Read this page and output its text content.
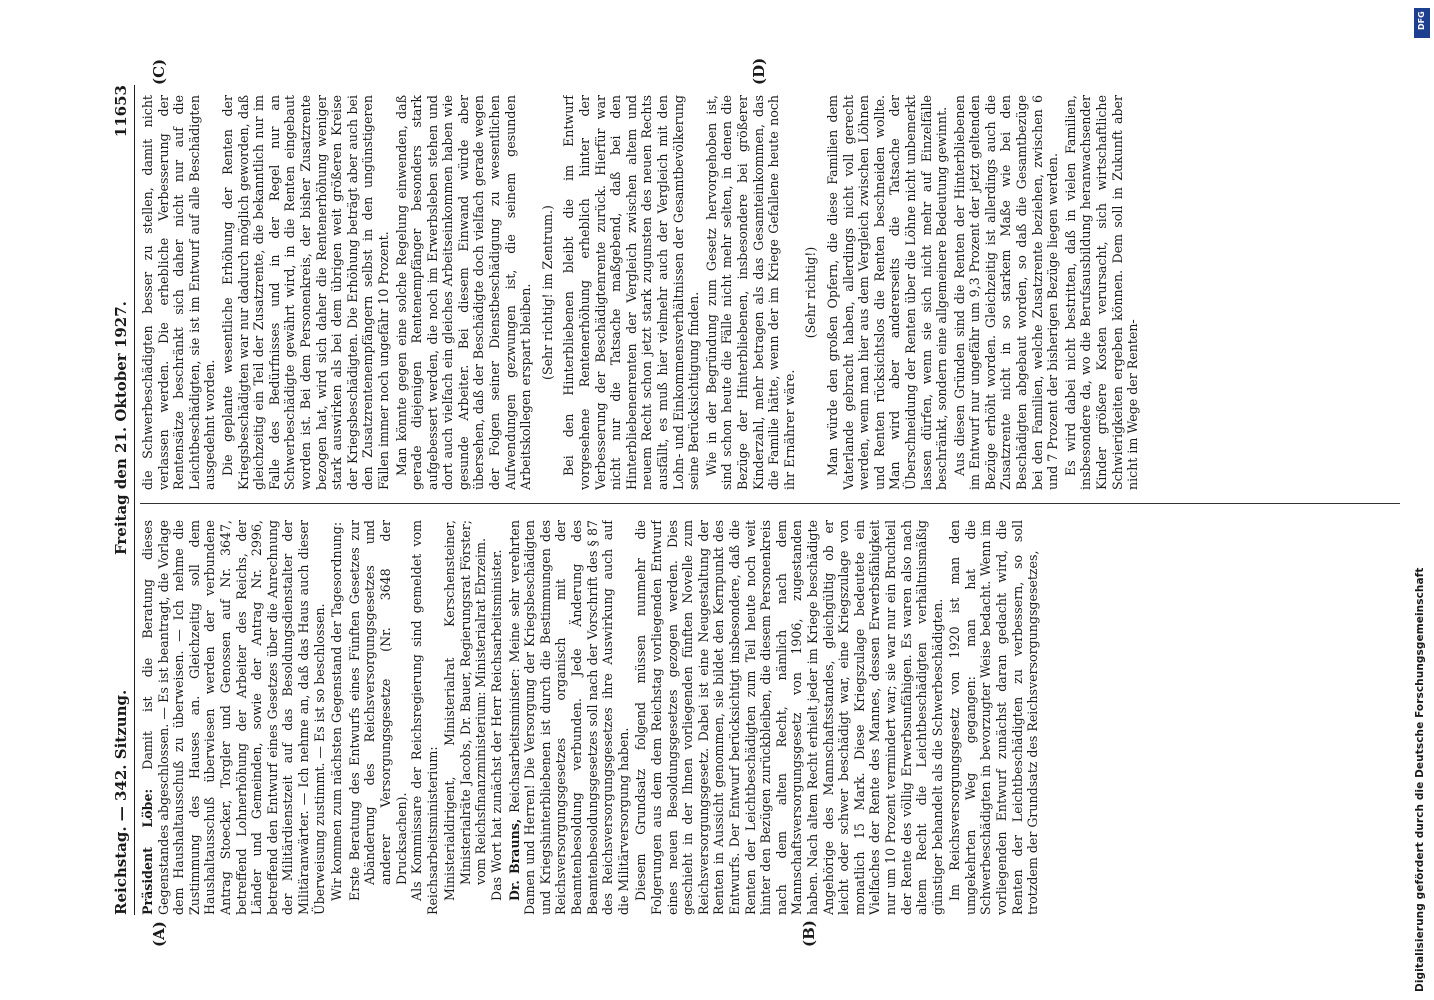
Reichstag. — 342. Sitzung.
Freitag den 21. Oktober 1927.
11653

Präsident Löbe: Damit ist die Beratung dieses Gegenstandes abgeschlossen. — Es ist beantragt, die Vorlage dem Haushaltausschuß zu überweisen. — Ich nehme die Zustimmung des Hauses an. Gleichzeitig soll dem Haushaltausschuß überwiesen werden der verbundene Antrag Stoecker, Torgler und Genossen auf Nr. 3647, betreffend Lohnerhöhung der Arbeiter des Reichs, der Länder und Gemeinden, sowie der Antrag Nr. 2996, betreffend den Entwurf eines Gesetzes über die Anrechnung der Militärdienstzeit auf das Besoldungsdienstalter der Militäranwärter. — Ich nehme an, daß das Haus auch dieser Überweisung zustimmt. — Es ist so beschlossen. Wir kommen zum nächsten Gegenstand der Tagesordnung: Erste Beratung des Entwurfs eines Fünften Gesetzes zur Abänderung des Reichsversorgungsgesetzes und anderer Versorgungsgesetze (Nr. 3648 der Drucksachen). Als Kommissare der Reichsregierung sind gemeldet vom Reichsarbeitsministerium: Ministerialdirigent, Ministerialrat Kerschensteiner, Ministerialräte Jacobs, Dr. Bauer, Regierungsrat Förster; vom Reichsfinanzministerium: Ministerialrat Ebrzeim. Das Wort hat zunächst der Herr Reichsarbeitsminister. Dr. Brauns, Reichsarbeitsminister: Meine sehr verehrten Damen und Herren! Die Versorgung der Kriegsbeschädigten und Kriegshinterbliebenen ist durch die Bestimmungen des Reichsversorgungsgesetzes organisch mit der Beamtenbesoldung verbunden. Jede Änderung des Beamtenbesoldungsgesetzes soll nach der Vorschrift des § 87 des Reichsversorgungsgesetzes ihre Auswirkung auch auf die Militärversorgung haben. Diesem Grundsatz folgend müssen nunmehr die Folgerungen aus dem dem Reichstag vorliegenden Entwurf eines neuen Besoldungsgesetzes gezogen werden. Dies geschieht in der Ihnen vorliegenden fünften Novelle zum Reichsversorgungsgesetz. Dabei ist eine Neugestaltung der Renten in Aussicht genommen, sie bildet den Kernpunkt des Entwurfs. Der Entwurf berücksichtigt insbesondere, daß die Renten der Leichtbeschädigten zum Teil heute noch weit hinter den Bezügen zurückbleiben, die diesem Personenkreis nach dem alten Recht, nämlich nach dem Mannschaftsversorgungsgesetz von 1906, zugestanden haben. Nach altem Recht erhielt jeder im Kriege beschädigte Angehörige des Mannschaftsstandes, gleichgültig ob er leicht oder schwer beschädigt war, eine Kriegszulage von monatlich 15 Mark. Diese Kriegszulage bedeutete ein Vielfaches der Rente des Mannes, dessen Erwerbsfähigkeit nur um 10 Prozent vermindert war; sie war nur ein Bruchteil der Rente des völlig Erwerbsunfähigen. Es waren also nach altem Recht die Leichtbeschädigten verhältnismäßig günstiger behandelt als die Schwerbeschädigten. Im Reichsversorgungsgesetz von 1920 ist man den umgekehrten Weg gegangen: man hat die Schwerbeschädigten in bevorzugter Weise bedacht. Wenn im vorliegenden Entwurf zunächst daran gedacht wird, die Renten der Leichtbeschädigten zu verbessern, so soll trotzdem der Grundsatz des Reichsversorgungsgesetzes,

die Schwerbeschädigten besser zu stellen, damit nicht verlassen werden. Die erhebliche Verbesserung der Rentensätze beschränkt sich daher nicht nur auf die Leichtbeschädigten, sie ist im Entwurf auf alle Beschädigten ausgedehnt worden. Die geplante wesentliche Erhöhung der Renten der Kriegsbeschädigten war nur dadurch möglich geworden, daß gleichzeitig ein Teil der Zusatzrente, die bekanntlich nur im Falle des Bedürfnisses und in der Regel nur an Schwerbeschädigte gewährt wird, in die Renten eingebaut worden ist. Bei dem Personenkreis, der bisher Zusatzrente bezogen hat, wird sich daher die Rentenerhöhung weniger stark auswirken als bei dem übrigen weit größeren Kreise der Kriegsbeschädigten. Die Erhöhung beträgt aber auch bei den Zusatzrentenempfängern selbst in den ungünstigeren Fällen immer noch ungefähr 10 Prozent. Man könnte gegen eine solche Regelung einwenden, daß gerade diejenigen Rentenempfänger besonders stark aufgebessert werden, die noch im Erwerbsleben stehen und dort auch vielfach ein gleiches Arbeitseinkommen haben wie gesunde Arbeiter. Bei diesem Einwand würde aber übersehen, daß der Beschädigte doch vielfach gerade wegen der Folgen seiner Dienstbeschädigung zu wesentlichen Aufwendungen gezwungen ist, die seinem gesunden Arbeitskollegen erspart bleiben. (Sehr richtig! im Zentrum.) Bei den Hinterbliebenen bleibt die im Entwurf vorgesehene Rentenerhöhung erheblich hinter der Verbesserung der Beschädigtenrente zurück. Hierfür war nicht nur die Tatsache maßgebend, daß bei den Hinterbliebenenrenten der Vergleich zwischen altem und neuem Recht schon jetzt stark zugunsten des neuen Rechts ausfällt, es muß hier vielmehr auch der Vergleich mit den Lohn- und Einkommensverhältnissen der Gesamtbevölkerung seine Berücksichtigung finden. Wie in der Begründung zum Gesetz hervorgehoben ist, sind schon heute die Fälle nicht mehr selten, in denen die Bezüge der Hinterbliebenen, insbesondere bei größerer Kinderzahl, mehr betragen als das Gesamteinkommen, das die Familie hätte, wenn der im Kriege Gefallene heute noch ihr Ernährer wäre.

(Sehr richtig!) Man würde den großen Opfern, die diese Familien dem Vaterlande gebracht haben, allerdings nicht voll gerecht werden, wenn man hier aus dem Vergleich zwischen Löhnen und Renten rücksichtslos die Renten beschneiden wollte. Man wird aber andererseits die Tatsache der Überschneidung der Renten über die Löhne nicht unbemerkt lassen dürfen, wenn sie sich nicht mehr auf Einzelfälle beschränkt, sondern eine allgemeinere Bedeutung gewinnt. Aus diesen Gründen sind die Renten der Hinterbliebenen im Entwurf nur ungefähr um 9,3 Prozent der jetzt geltenden Bezüge erhöht worden. Gleichzeitig ist allerdings auch die Zusatzrente nicht in so starkem Maße wie bei den Beschädigten abgebaut worden, so daß die Gesamtbezüge bei den Familien, welche Zusatzrente beziehen, zwischen 6 und 7 Prozent der bisherigen Bezüge liegen werden. Es wird dabei nicht bestritten, daß in vielen Familien, insbesondere da, wo die Berufsausbildung heranwachsender Kinder größere Kosten verursacht, sich wirtschaftliche Schwierigkeiten ergeben können. Dem soll in Zukunft aber nicht im Wege der Renten-

(A)	(B)
(C)	(D)
Digitalisierung gefördert durch die Deutsche Forschungsgemeinschaft
DFG
